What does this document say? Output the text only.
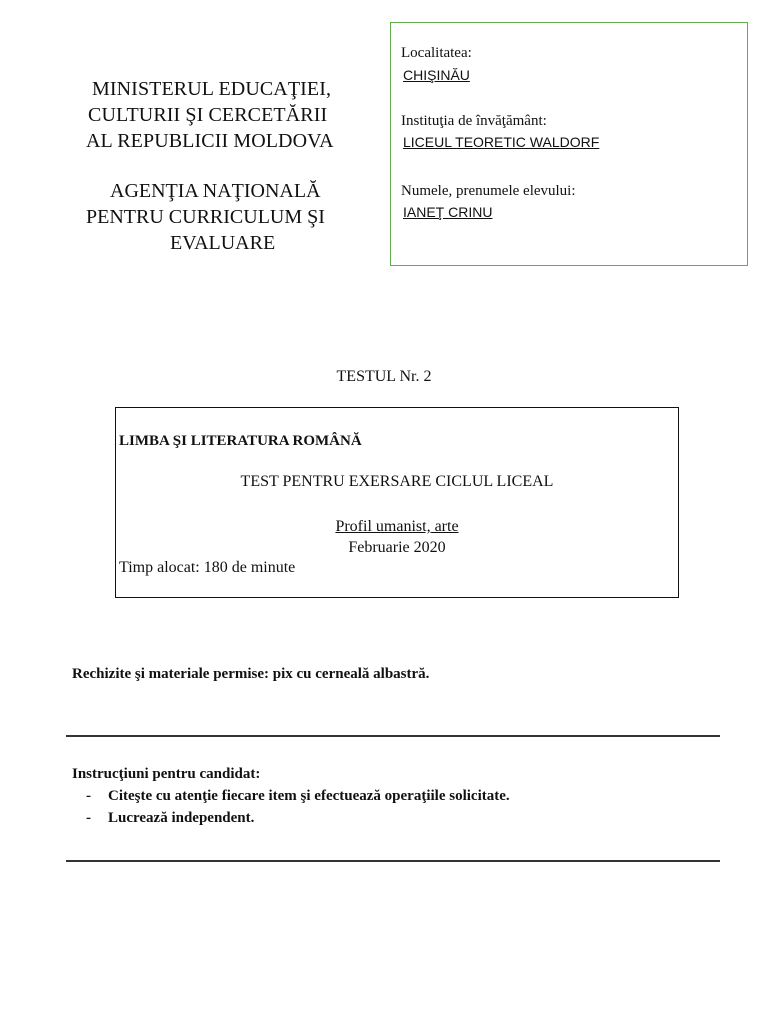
MINISTERUL EDUCAŢIEI,
CULTURII ŞI CERCETĂRII
AL REPUBLICII MOLDOVA
AGENŢIA NAŢIONALĂ
PENTRU CURRICULUM ŞI
EVALUARE
Localitatea:
CHIŞINĂU
Instituţia de învăţământ:
LICEUL TEORETIC WALDORF
Numele, prenumele elevului:
IANEŢ CRINU
TESTUL Nr. 2
LIMBA ŞI LITERATURA ROMÂNĂ
TEST PENTRU EXERSARE CICLUL LICEAL
Profil umanist, arte
Februarie 2020
Timp alocat: 180 de minute
Rechizite şi materiale permise: pix cu cerneală albastră.
Instrucţiuni pentru candidat:
- Citeşte cu atenţie fiecare item şi efectuează operaţiile solicitate.
- Lucrează independent.
